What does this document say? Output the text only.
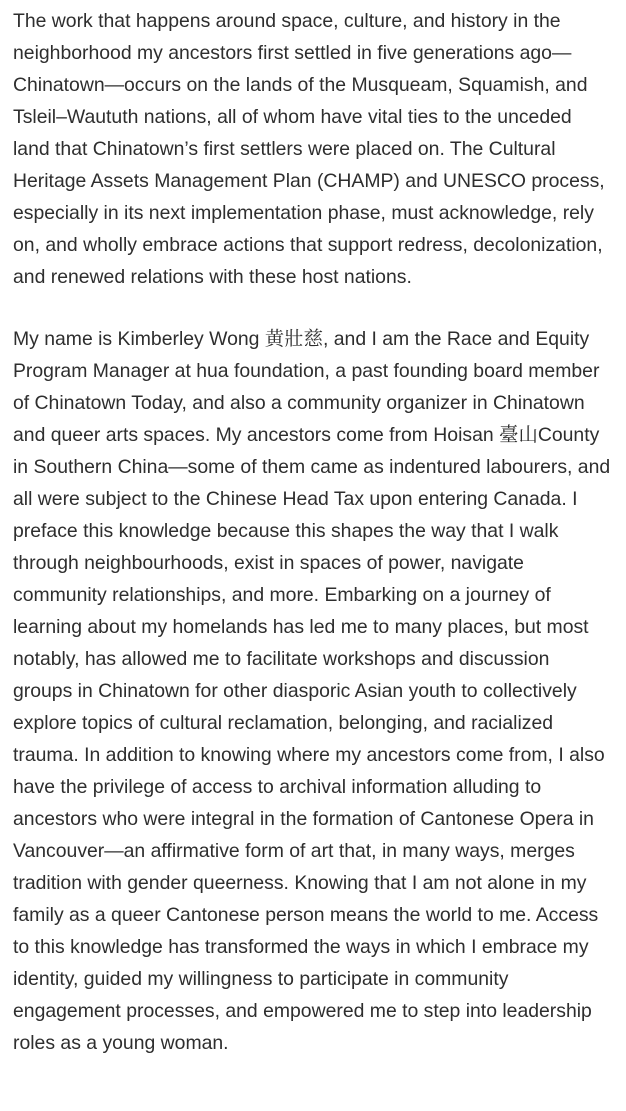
The work that happens around space, culture, and history in the neighborhood my ancestors first settled in five generations ago—Chinatown—occurs on the lands of the Musqueam, Squamish, and Tsleil–Waututh nations, all of whom have vital ties to the unceded land that Chinatown’s first settlers were placed on. The Cultural Heritage Assets Management Plan (CHAMP) and UNESCO process, especially in its next implementation phase, must acknowledge, rely on, and wholly embrace actions that support redress, decolonization, and renewed relations with these host nations.

My name is Kimberley Wong 黄壯慈, and I am the Race and Equity Program Manager at hua foundation, a past founding board member of Chinatown Today, and also a community organizer in Chinatown and queer arts spaces. My ancestors come from Hoisan 臺山County in Southern China—some of them came as indentured labourers, and all were subject to the Chinese Head Tax upon entering Canada. I preface this knowledge because this shapes the way that I walk through neighbourhoods, exist in spaces of power, navigate community relationships, and more. Embarking on a journey of learning about my homelands has led me to many places, but most notably, has allowed me to facilitate workshops and discussion groups in Chinatown for other diasporic Asian youth to collectively explore topics of cultural reclamation, belonging, and racialized trauma. In addition to knowing where my ancestors come from, I also have the privilege of access to archival information alluding to ancestors who were integral in the formation of Cantonese Opera in Vancouver—an affirmative form of art that, in many ways, merges tradition with gender queerness. Knowing that I am not alone in my family as a queer Cantonese person means the world to me. Access to this knowledge has transformed the ways in which I embrace my identity, guided my willingness to participate in community engagement processes, and empowered me to step into leadership roles as a young woman.
